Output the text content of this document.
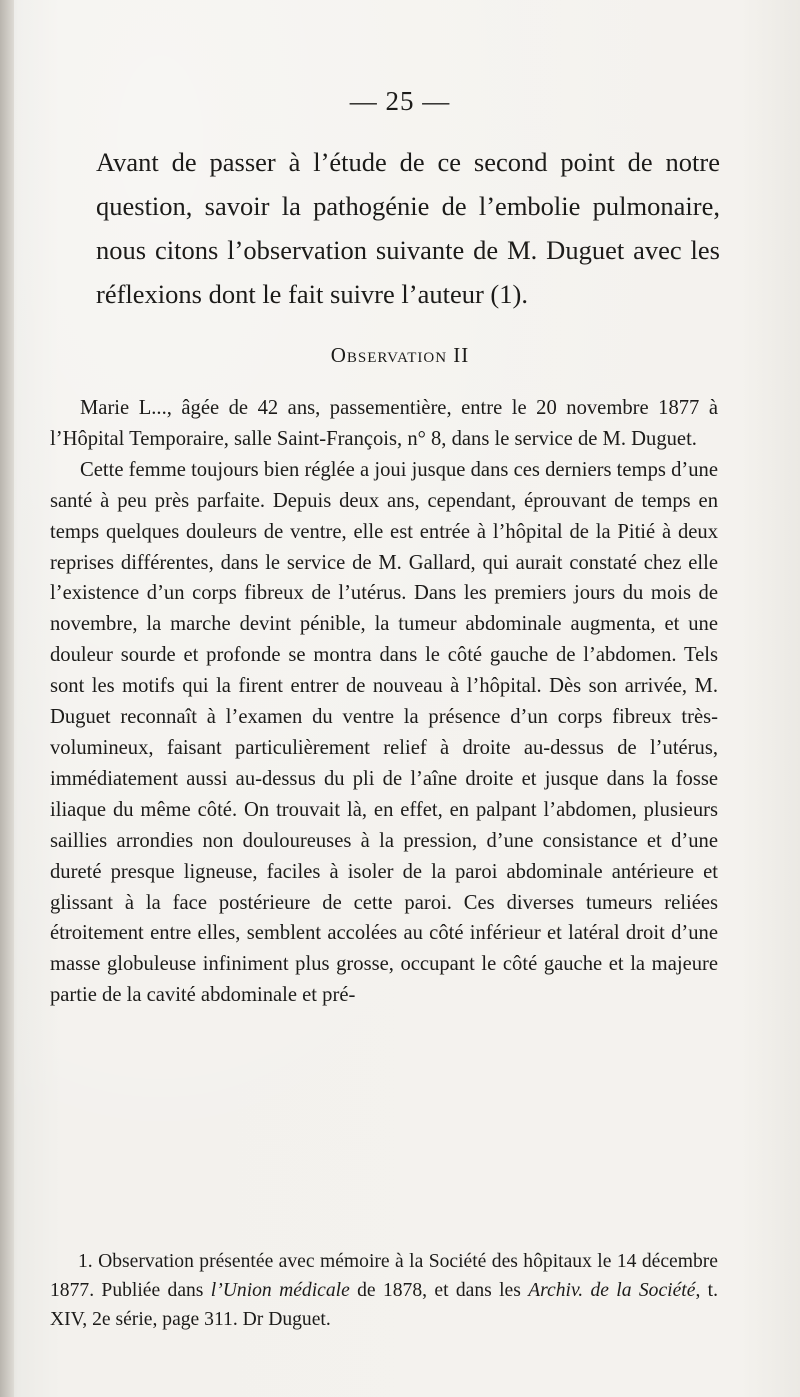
— 25 —
Avant de passer à l’étude de ce second point de notre question, savoir la pathogénie de l’embolie pulmonaire, nous citons l’observation suivante de M. Duguet avec les réflexions dont le fait suivre l’auteur (1).
Observation II

Marie L..., âgée de 42 ans, passementière, entre le 20 novembre 1877 à l’Hôpital Temporaire, salle Saint-François, n° 8, dans le service de M. Duguet.

Cette femme toujours bien réglée a joui jusque dans ces derniers temps d’une santé à peu près parfaite. Depuis deux ans, cependant, éprouvant de temps en temps quelques douleurs de ventre, elle est entrée à l’hôpital de la Pitié à deux reprises différentes, dans le service de M. Gallard, qui aurait constaté chez elle l’existence d’un corps fibreux de l’utérus. Dans les premiers jours du mois de novembre, la marche devint pénible, la tumeur abdominale augmenta, et une douleur sourde et profonde se montra dans le côté gauche de l’abdomen. Tels sont les motifs qui la firent entrer de nouveau à l’hôpital. Dès son arrivée, M. Duguet reconnaît à l’examen du ventre la présence d’un corps fibreux très-volumineux, faisant particulièrement relief à droite au-dessus de l’utérus, immédiatement aussi au-dessus du pli de l’aîne droite et jusque dans la fosse iliaque du même côté. On trouvait là, en effet, en palpant l’abdomen, plusieurs saillies arrondies non douloureuses à la pression, d’une consistance et d’une dureté presque ligneuse, faciles à isoler de la paroi abdominale antérieure et glissant à la face postérieure de cette paroi. Ces diverses tumeurs reliées étroitement entre elles, semblent accolées au côté inférieur et latéral droit d’une masse globuleuse infiniment plus grosse, occupant le côté gauche et la majeure partie de la cavité abdominale et pré-

1. Observation présentée avec mémoire à la Société des hôpitaux le 14 décembre 1877. Publiée dans l’Union médicale de 1878, et dans les Archiv. de la Société, t. XIV, 2e série, page 311. Dr Duguet.
